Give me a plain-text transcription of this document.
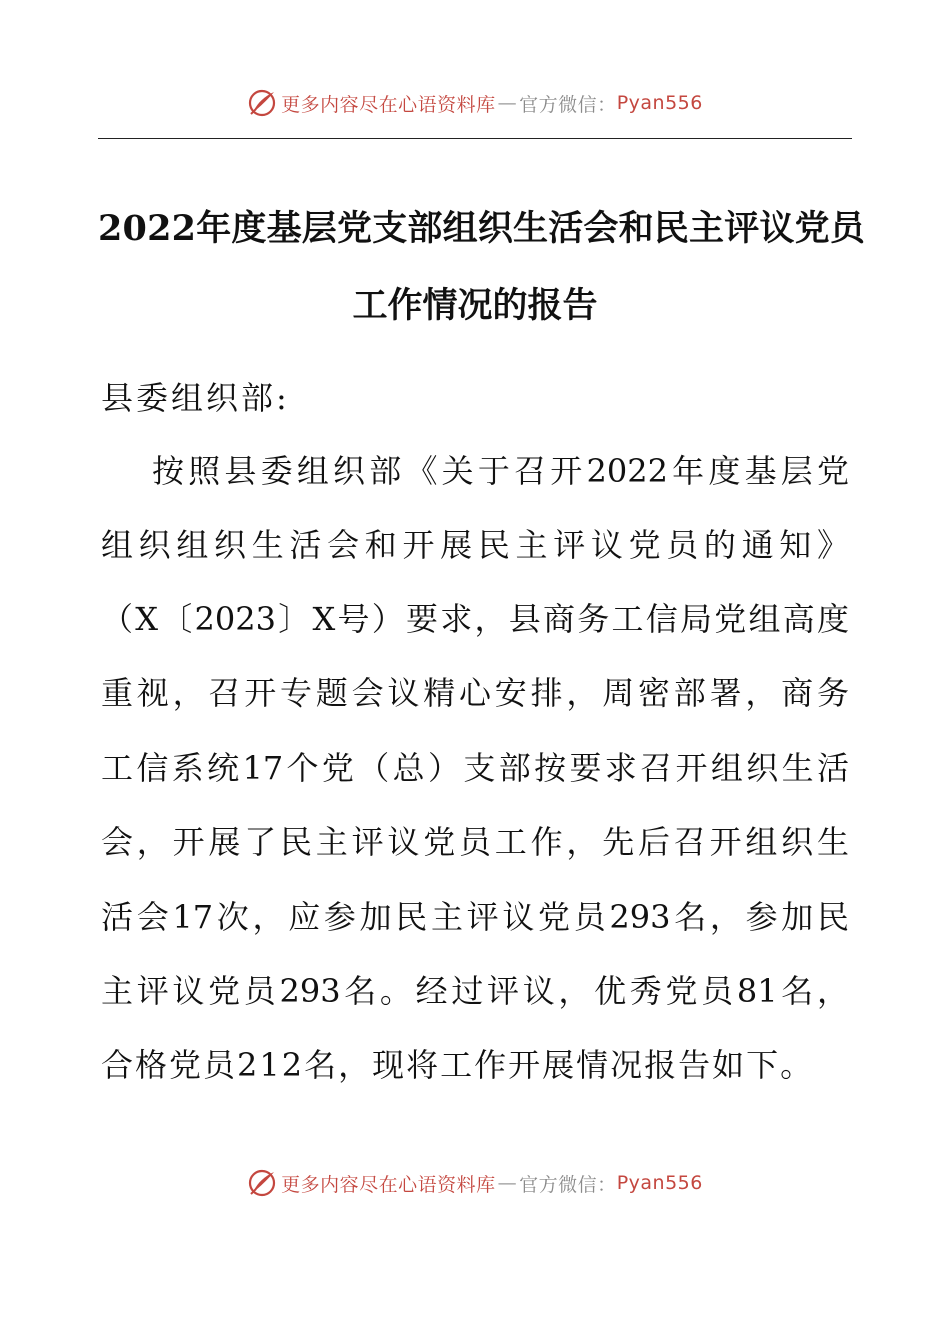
更多内容尽在心语资料库 — 官方微信： Pyan556
2022年度基层党支部组织生活会和民主评议党员
工作情况的报告
县委组织部:
按照县委组织部《关于召开2022年度基层党
组织组织生活会和开展民主评议党员的通知》
（X〔2023〕X号）要求，县商务工信局党组高度
重视，召开专题会议精心安排，周密部署，商务
工信系统17个党（总）支部按要求召开组织生活
会，开展了民主评议党员工作，先后召开组织生
活会17次，应参加民主评议党员293名，参加民
主评议党员293名。经过评议，优秀党员81名，
合格党员212名，现将工作开展情况报告如下。
更多内容尽在心语资料库 — 官方微信： Pyan556
